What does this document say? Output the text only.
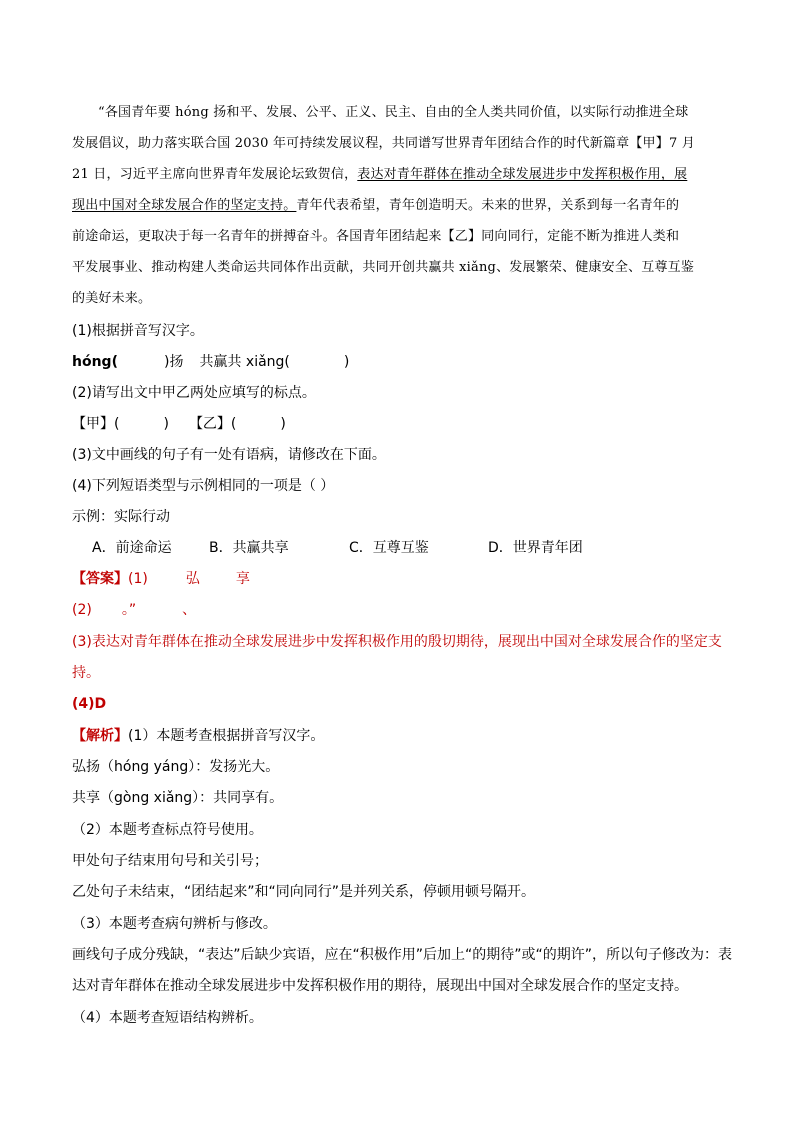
“各国青年要 hóng 扬和平、发展、公平、正义、民主、自由的全人类共同价值，以实际行动推进全球
发展倡议，助力落实联合国 2030 年可持续发展议程，共同谱写世界青年团结合作的时代新篇章【甲】7 月
21 日，习近平主席向世界青年发展论坛致贺信，表达对青年群体在推动全球发展进步中发挥积极作用，展
现出中国对全球发展合作的坚定支持。青年代表希望，青年创造明天。未来的世界，关系到每一名青年的
前途命运，更取决于每一名青年的拼搏奋斗。各国青年团结起来【乙】同向同行，定能不断为推进人类和
平发展事业、推动构建人类命运共同体作出贡献，共同开创共赢共 xiǎng、发展繁荣、健康安全、互尊互鉴
的美好未来。
(1)根据拼音写汉字。
hóng(	)扬 共赢共 xiǎng(	)
(2)请写出文中甲乙两处应填写的标点。
【甲】(	) 【乙】(	)
(3)文中画线的句子有一处有语病，请修改在下面。
(4)下列短语类型与示例相同的一项是（ ）
示例：实际行动
A．前途命运	B．共赢共享	C．互尊互鉴	D．世界青年团
【答案】(1)	弘	享
(2) 。”	、
(3)表达对青年群体在推动全球发展进步中发挥积极作用的殷切期待，展现出中国对全球发展合作的坚定支
持。
(4)D
【解析】(1）本题考查根据拼音写汉字。
弘扬（hóng yáng）：发扬光大。
共享（gòng xiǎng）：共同享有。
（2）本题考查标点符号使用。
甲处句子结束用句号和关引号；
乙处句子未结束，“团结起来”和“同向同行”是并列关系，停顿用顿号隔开。
（3）本题考查病句辨析与修改。
画线句子成分残缺，“表达”后缺少宾语，应在“积极作用”后加上“的期待”或“的期许”，所以句子修改为：表
达对青年群体在推动全球发展进步中发挥积极作用的期待，展现出中国对全球发展合作的坚定支持。
（4）本题考查短语结构辨析。
